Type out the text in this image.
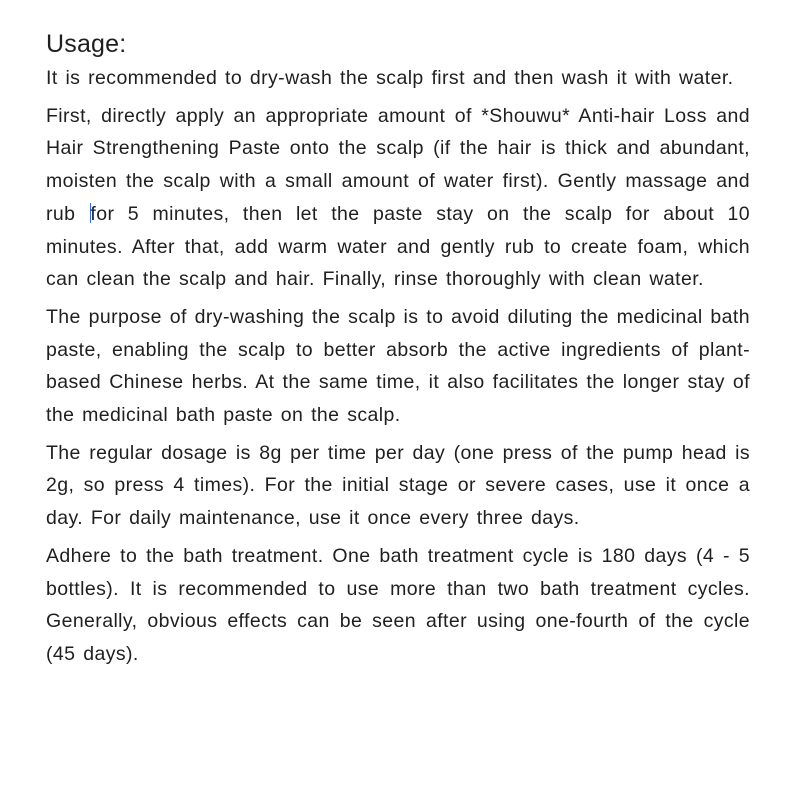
Usage:

It is recommended to dry-wash the scalp first and then wash it with water.

First, directly apply an appropriate amount of *Shouwu* Anti-hair Loss and Hair Strengthening Paste onto the scalp (if the hair is thick and abundant, moisten the scalp with a small amount of water first). Gently massage and rub for 5 minutes, then let the paste stay on the scalp for about 10 minutes. After that, add warm water and gently rub to create foam, which can clean the scalp and hair. Finally, rinse thoroughly with clean water.

The purpose of dry-washing the scalp is to avoid diluting the medicinal bath paste, enabling the scalp to better absorb the active ingredients of plant-based Chinese herbs. At the same time, it also facilitates the longer stay of the medicinal bath paste on the scalp.

The regular dosage is 8g per time per day (one press of the pump head is 2g, so press 4 times). For the initial stage or severe cases, use it once a day. For daily maintenance, use it once every three days.

Adhere to the bath treatment. One bath treatment cycle is 180 days (4 - 5 bottles). It is recommended to use more than two bath treatment cycles. Generally, obvious effects can be seen after using one-fourth of the cycle (45 days).
